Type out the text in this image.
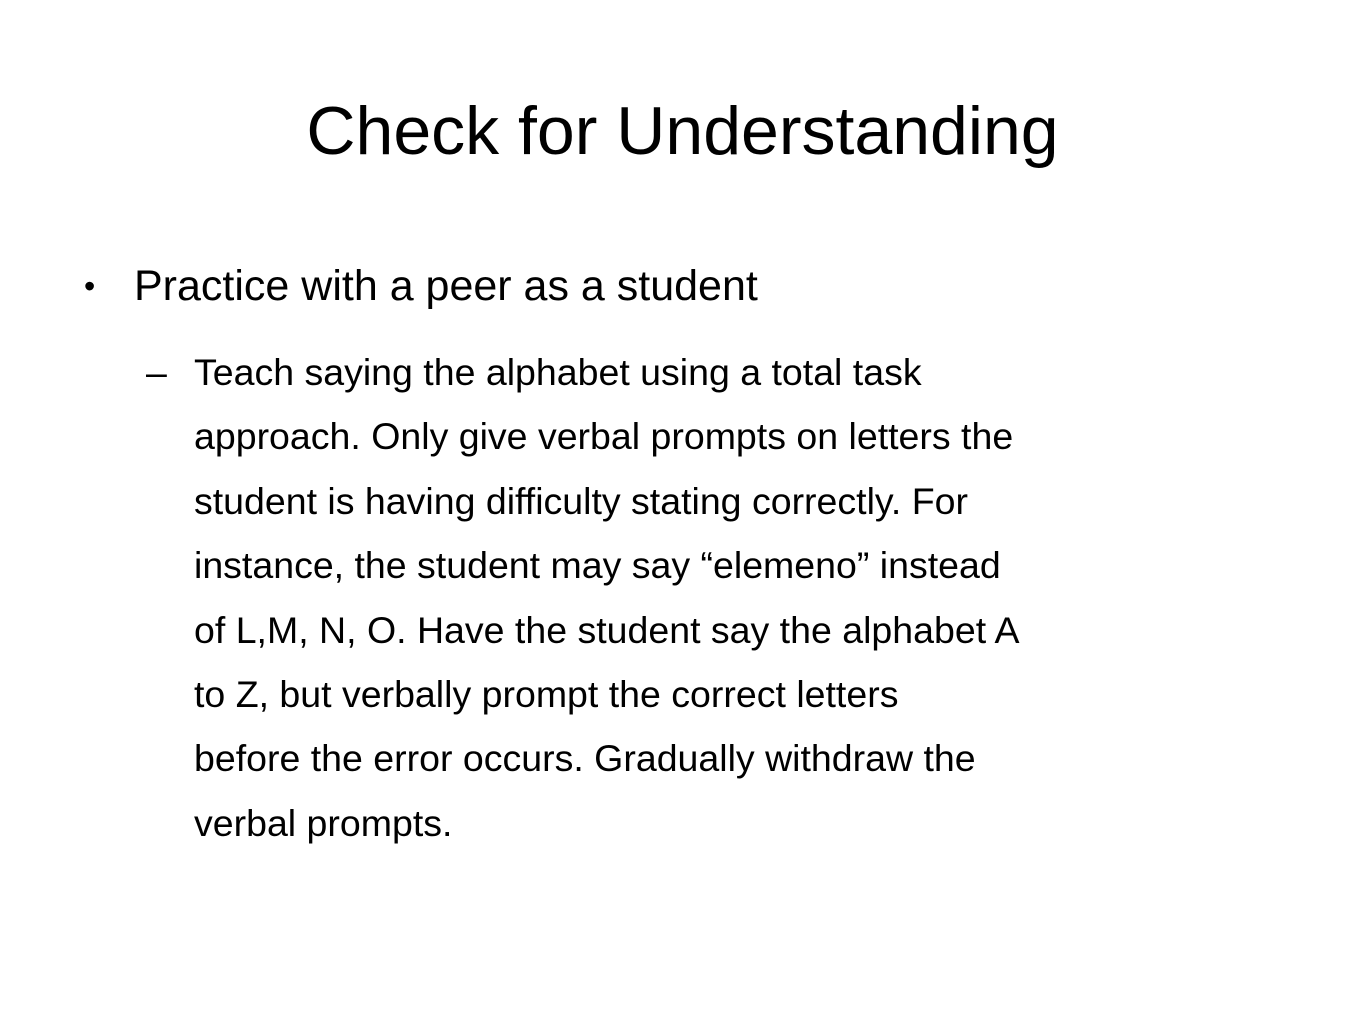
Check for Understanding
• Practice with a peer as a student
– Teach saying the alphabet using a total task
approach. Only give verbal prompts on letters the
student is having difficulty stating correctly. For
instance, the student may say “elemeno” instead
of L,M, N, O. Have the student say the alphabet A
to Z, but verbally prompt the correct letters
before the error occurs. Gradually withdraw the
verbal prompts.
